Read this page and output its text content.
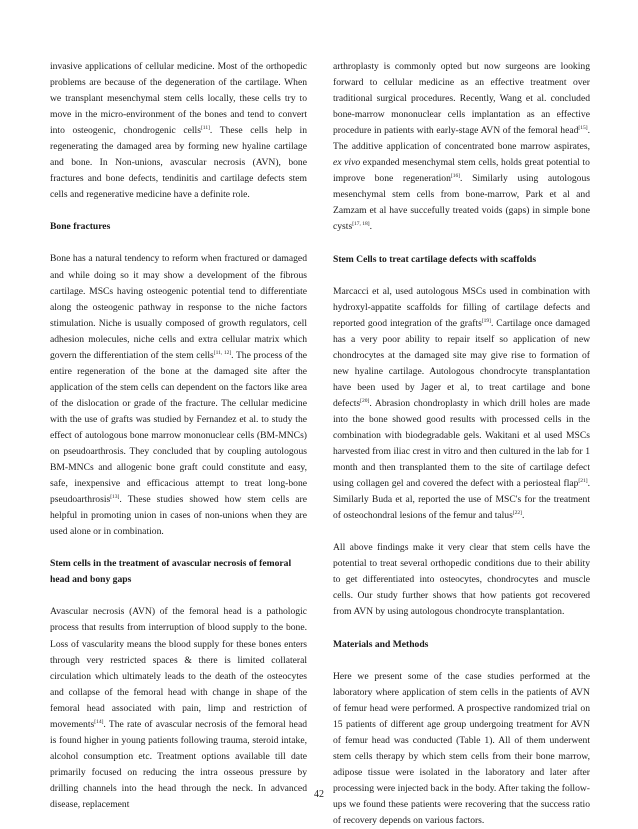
invasive applications of cellular medicine. Most of the orthopedic problems are because of the degeneration of the cartilage. When we transplant mesenchymal stem cells locally, these cells try to move in the micro-environment of the bones and tend to convert into osteogenic, chondrogenic cells[11]. These cells help in regenerating the damaged area by forming new hyaline cartilage and bone. In Non-unions, avascular necrosis (AVN), bone fractures and bone defects, tendinitis and cartilage defects stem cells and regenerative medicine have a definite role.

Bone fractures

Bone has a natural tendency to reform when fractured or damaged and while doing so it may show a development of the fibrous cartilage. MSCs having osteogenic potential tend to differentiate along the osteogenic pathway in response to the niche factors stimulation. Niche is usually composed of growth regulators, cell adhesion molecules, niche cells and extra cellular matrix which govern the differentiation of the stem cells[11, 12]. The process of the entire regeneration of the bone at the damaged site after the application of the stem cells can dependent on the factors like area of the dislocation or grade of the fracture. The cellular medicine with the use of grafts was studied by Fernandez et al. to study the effect of autologous bone marrow mononuclear cells (BM-MNCs) on pseudoarthrosis. They concluded that by coupling autologous BM-MNCs and allogenic bone graft could constitute and easy, safe, inexpensive and efficacious attempt to treat long-bone pseudoarthrosis[13]. These studies showed how stem cells are helpful in promoting union in cases of non-unions when they are used alone or in combination.

Stem cells in the treatment of avascular necrosis of femoral head and bony gaps

Avascular necrosis (AVN) of the femoral head is a pathologic process that results from interruption of blood supply to the bone. Loss of vascularity means the blood supply for these bones enters through very restricted spaces & there is limited collateral circulation which ultimately leads to the death of the osteocytes and collapse of the femoral head with change in shape of the femoral head associated with pain, limp and restriction of movements[14]. The rate of avascular necrosis of the femoral head is found higher in young patients following trauma, steroid intake, alcohol consumption etc. Treatment options available till date primarily focused on reducing the intra osseous pressure by drilling channels into the head through the neck. In advanced disease, replacement

arthroplasty is commonly opted but now surgeons are looking forward to cellular medicine as an effective treatment over traditional surgical procedures. Recently, Wang et al. concluded bone-marrow mononuclear cells implantation as an effective procedure in patients with early-stage AVN of the femoral head[15]. The additive application of concentrated bone marrow aspirates, ex vivo expanded mesenchymal stem cells, holds great potential to improve bone regeneration[16]. Similarly using autologous mesenchymal stem cells from bone-marrow, Park et al and Zamzam et al have succefully treated voids (gaps) in simple bone cysts[17, 18].

Stem Cells to treat cartilage defects with scaffolds

Marcacci et al, used autologous MSCs used in combination with hydroxyl-appatite scaffolds for filling of cartilage defects and reported good integration of the grafts[19]. Cartilage once damaged has a very poor ability to repair itself so application of new chondrocytes at the damaged site may give rise to formation of new hyaline cartilage. Autologous chondrocyte transplantation have been used by Jager et al, to treat cartilage and bone defects[20]. Abrasion chondroplasty in which drill holes are made into the bone showed good results with processed cells in the combination with biodegradable gels. Wakitani et al used MSCs harvested from iliac crest in vitro and then cultured in the lab for 1 month and then transplanted them to the site of cartilage defect using collagen gel and covered the defect with a periosteal flap[21]. Similarly Buda et al, reported the use of MSC's for the treatment of osteochondral lesions of the femur and talus[22].

All above findings make it very clear that stem cells have the potential to treat several orthopedic conditions due to their ability to get differentiated into osteocytes, chondrocytes and muscle cells. Our study further shows that how patients got recovered from AVN by using autologous chondrocyte transplantation.

Materials and Methods

Here we present some of the case studies performed at the laboratory where application of stem cells in the patients of AVN of femur head were performed. A prospective randomized trial on 15 patients of different age group undergoing treatment for AVN of femur head was conducted (Table 1). All of them underwent stem cells therapy by which stem cells from their bone marrow, adipose tissue were isolated in the laboratory and later after processing were injected back in the body. After taking the follow-ups we found these patients were recovering that the success ratio of recovery depends on various factors.

42
